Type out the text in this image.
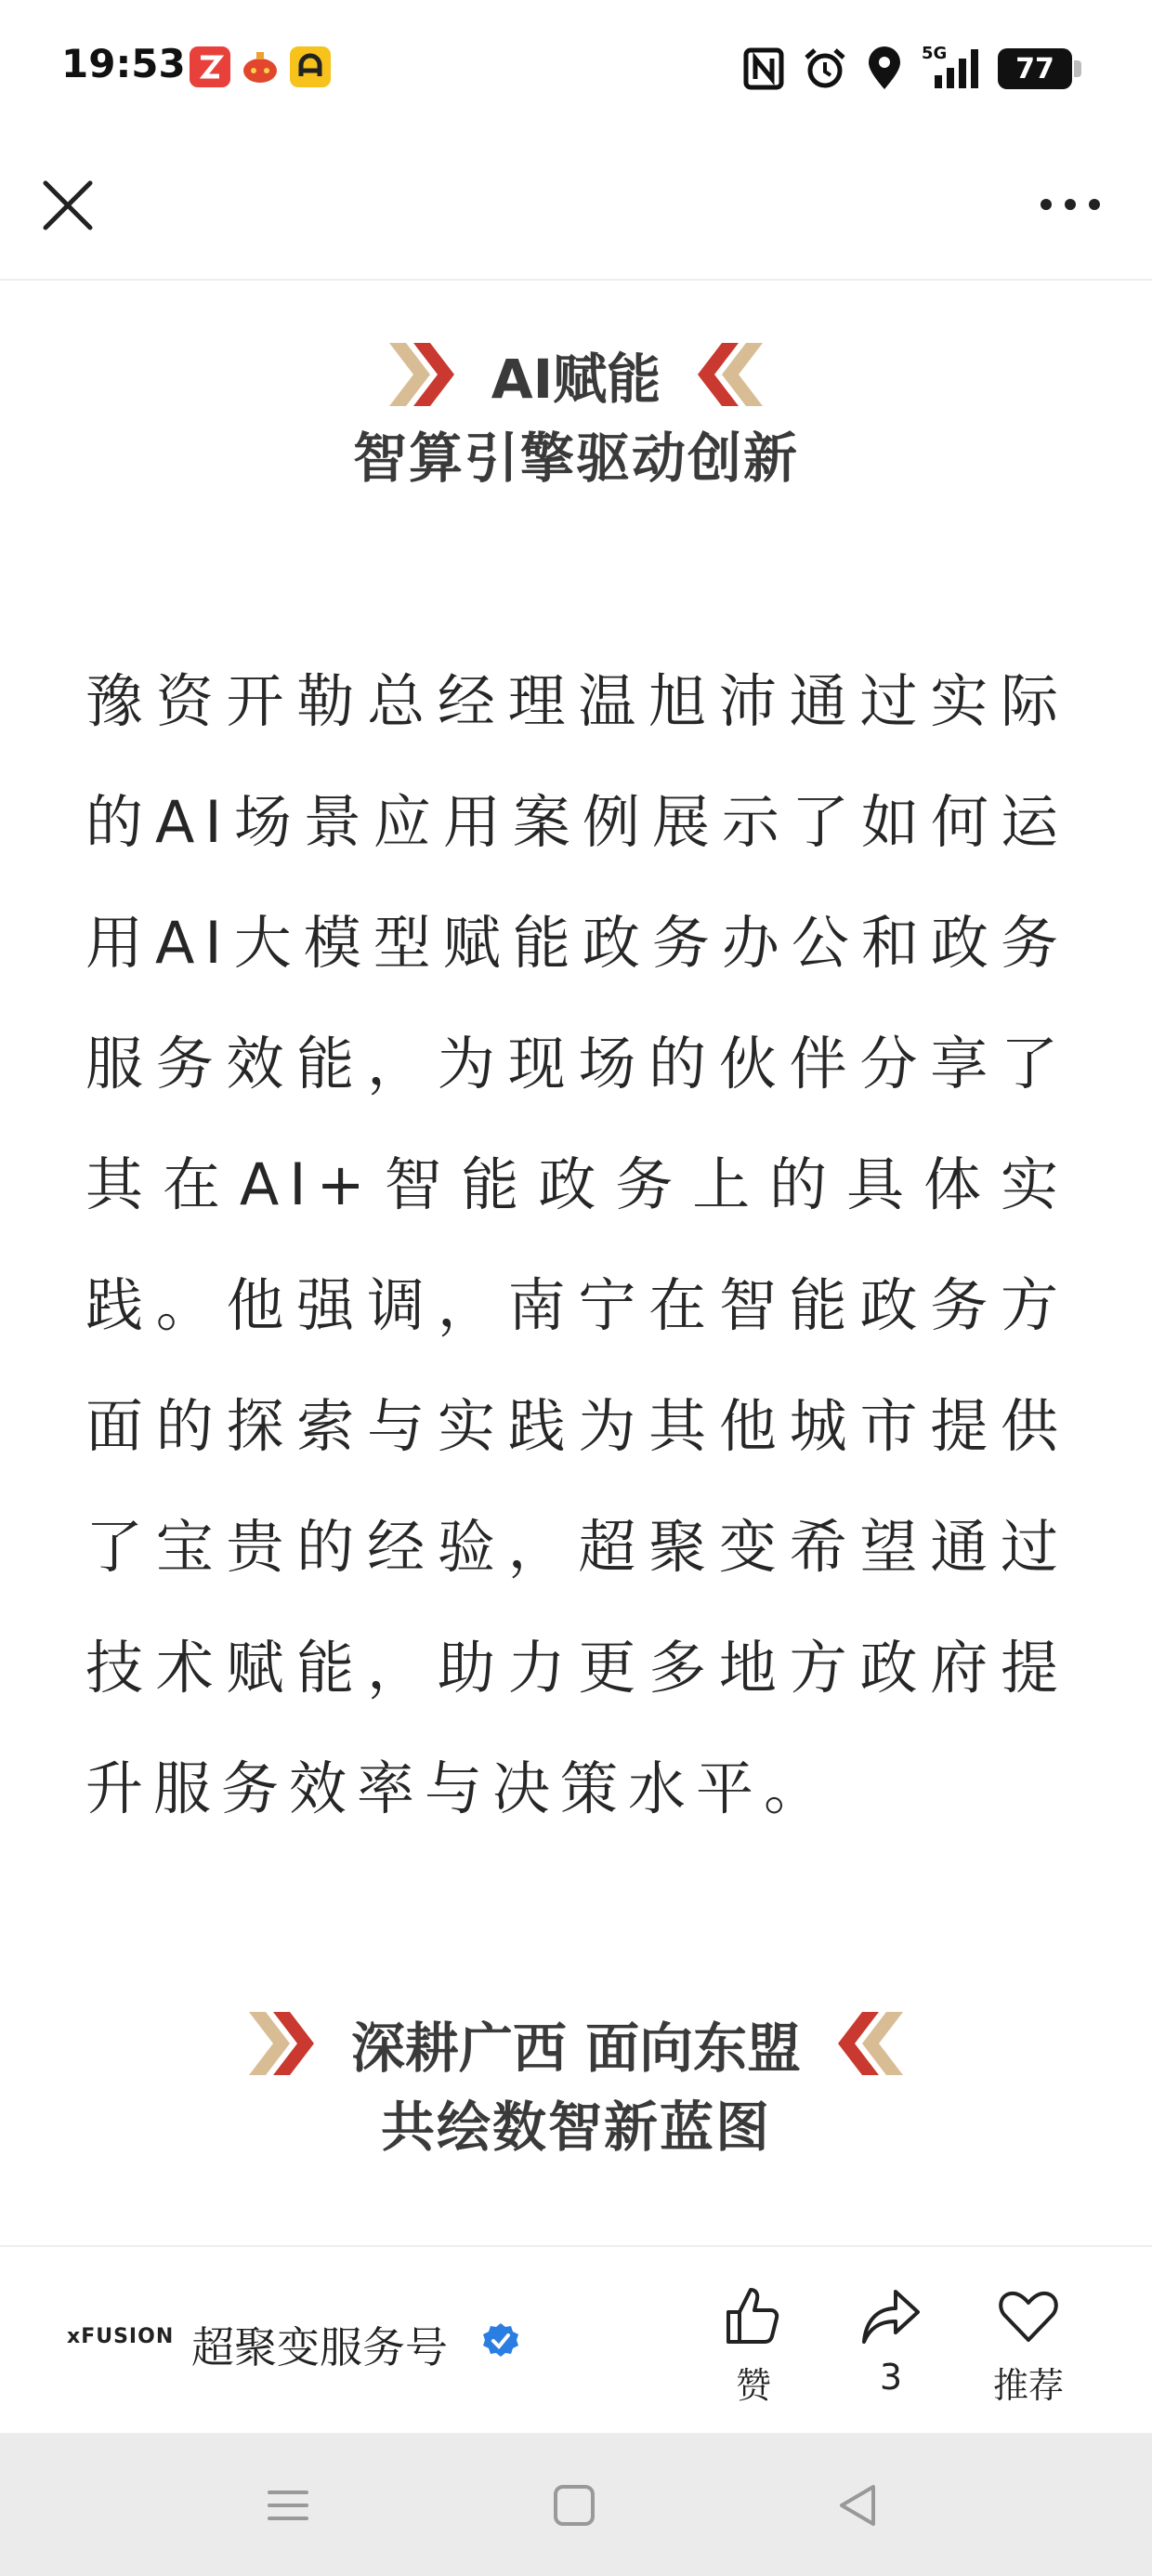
19:53	5G	77
AI赋能
智算引擎驱动创新
豫资开勒总经理温旭沛通过实际的AI场景应用案例展示了如何运用AI大模型赋能政务办公和政务服务效能，为现场的伙伴分享了其在AI+智能政务上的具体实践。他强调，南宁在智能政务方面的探索与实践为其他城市提供了宝贵的经验，超聚变希望通过技术赋能，助力更多地方政府提升服务效率与决策水平。
深耕广西 面向东盟
共绘数智新蓝图
xFUSION 超聚变服务号
赞	3	推荐
